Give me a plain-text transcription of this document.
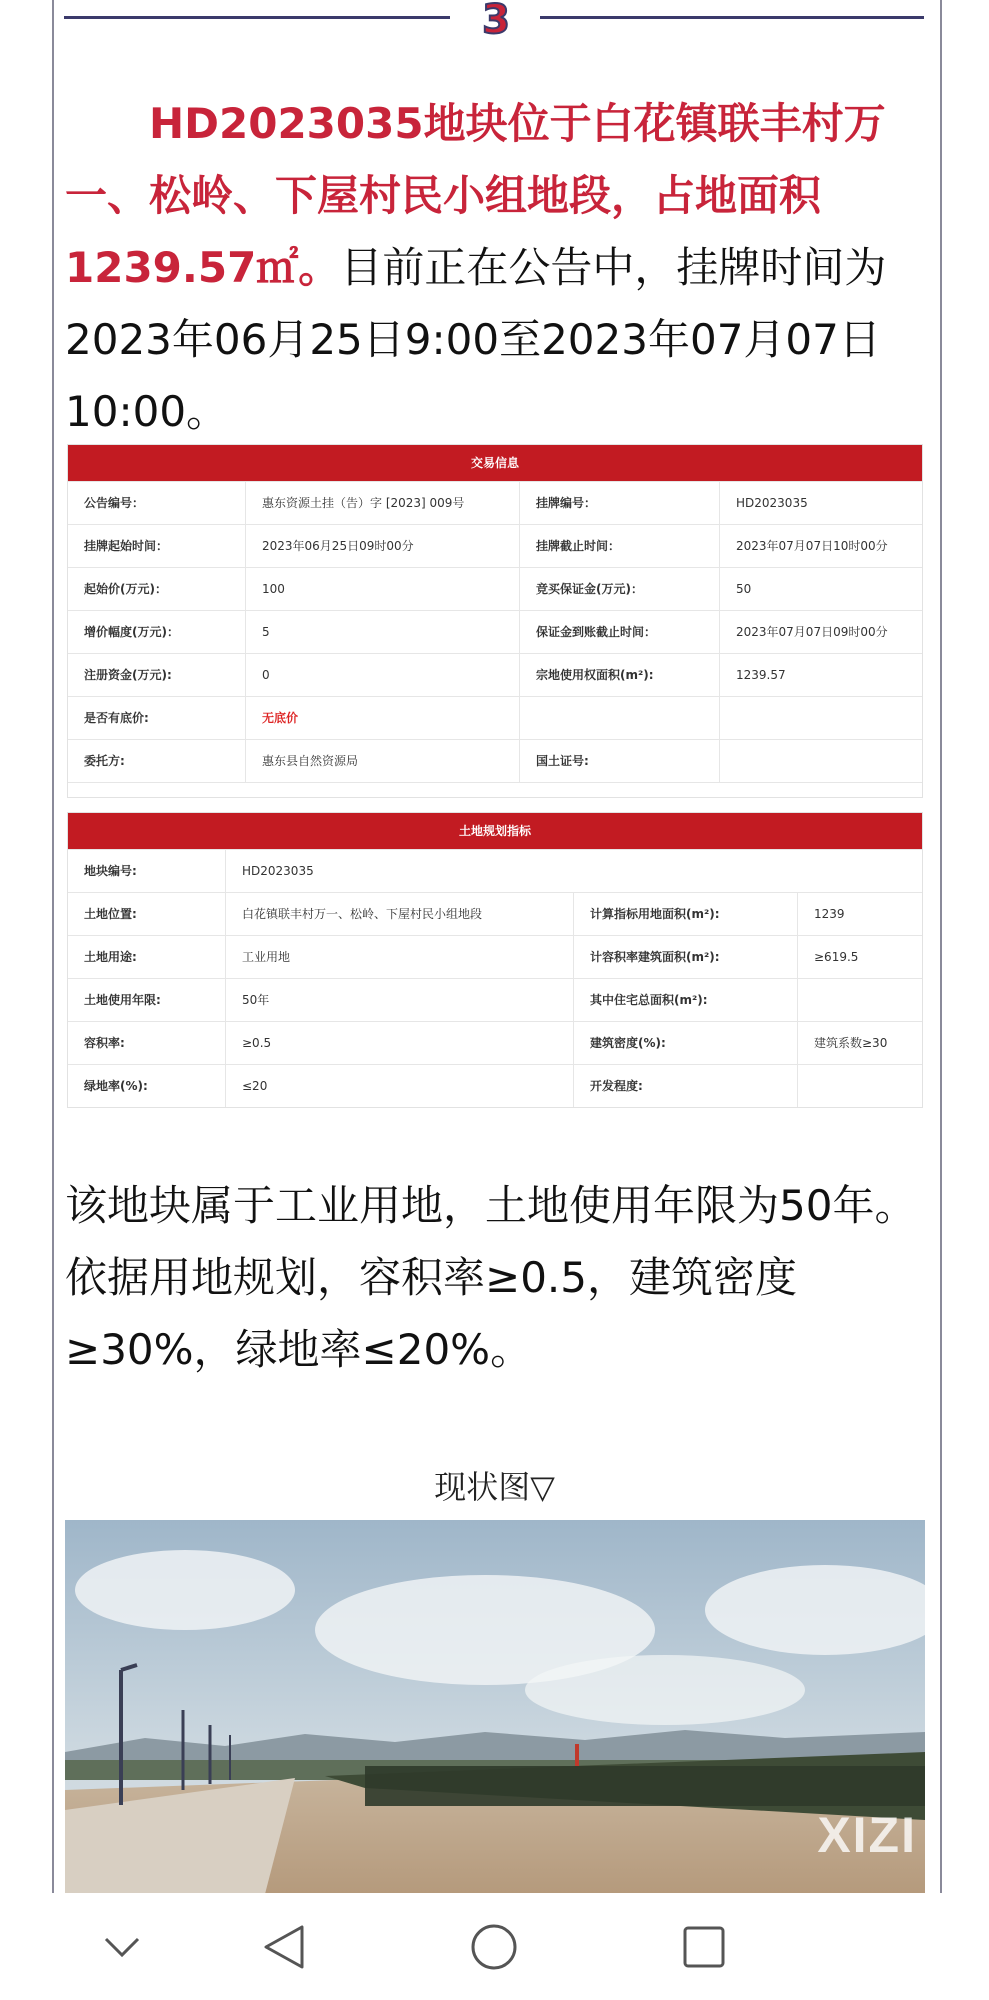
3
HD2023035地块位于白花镇联丰村万一、松岭、下屋村民小组地段，占地面积1239.57㎡。目前正在公告中，挂牌时间为2023年06月25日9:00至2023年07月07日10:00。
交易信息
公告编号：	惠东资源土挂（告）字 [2023] 009号	挂牌编号：	HD2023035
挂牌起始时间：	2023年06月25日09时00分	挂牌截止时间：	2023年07月07日10时00分
起始价(万元)：	100	竞买保证金(万元)：	50
增价幅度(万元)：	5	保证金到账截止时间：	2023年07月07日09时00分
注册资金(万元):	0	宗地使用权面积(m²):	1239.57
是否有底价:	无底价
委托方:	惠东县自然资源局	国土证号:
土地规划指标
地块编号:	HD2023035
土地位置:	白花镇联丰村万一、松岭、下屋村民小组地段	计算指标用地面积(m²):	1239
土地用途:	工业用地	计容积率建筑面积(m²):	≥619.5
土地使用年限:	50年	其中住宅总面积(m²):
容积率:	≥0.5	建筑密度(%):	建筑系数≥30
绿地率(%):	≤20	开发程度:
该地块属于工业用地，土地使用年限为50年。依据用地规划，容积率≥0.5，建筑密度≥30%，绿地率≤20%。
现状图▽
XIZI
